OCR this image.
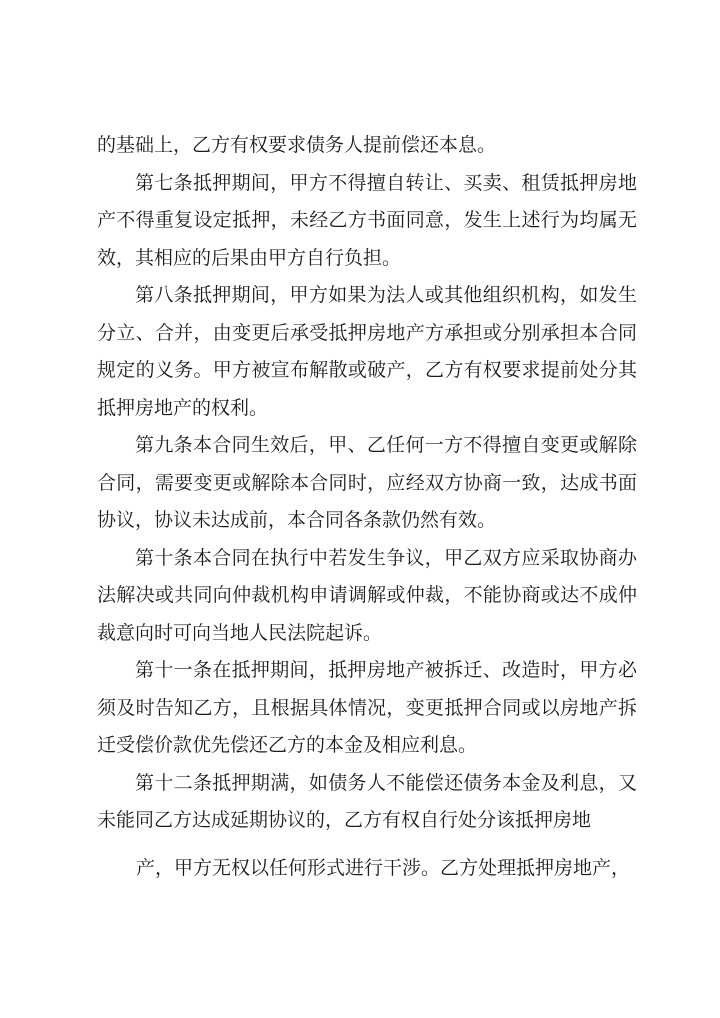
的基础上，乙方有权要求债务人提前偿还本息。

第七条抵押期间，甲方不得擅自转让、买卖、租赁抵押房地产不得重复设定抵押，未经乙方书面同意，发生上述行为均属无效，其相应的后果由甲方自行负担。

第八条抵押期间，甲方如果为法人或其他组织机构，如发生分立、合并，由变更后承受抵押房地产方承担或分别承担本合同规定的义务。甲方被宣布解散或破产，乙方有权要求提前处分其抵押房地产的权利。

第九条本合同生效后，甲、乙任何一方不得擅自变更或解除合同，需要变更或解除本合同时，应经双方协商一致，达成书面协议，协议未达成前，本合同各条款仍然有效。

第十条本合同在执行中若发生争议，甲乙双方应采取协商办法解决或共同向仲裁机构申请调解或仲裁，不能协商或达不成仲裁意向时可向当地人民法院起诉。

第十一条在抵押期间，抵押房地产被拆迁、改造时，甲方必须及时告知乙方，且根据具体情况，变更抵押合同或以房地产拆迁受偿价款优先偿还乙方的本金及相应利息。

第十二条抵押期满，如债务人不能偿还债务本金及利息，又未能同乙方达成延期协议的，乙方有权自行处分该抵押房地

产，甲方无权以任何形式进行干涉。乙方处理抵押房地产，
